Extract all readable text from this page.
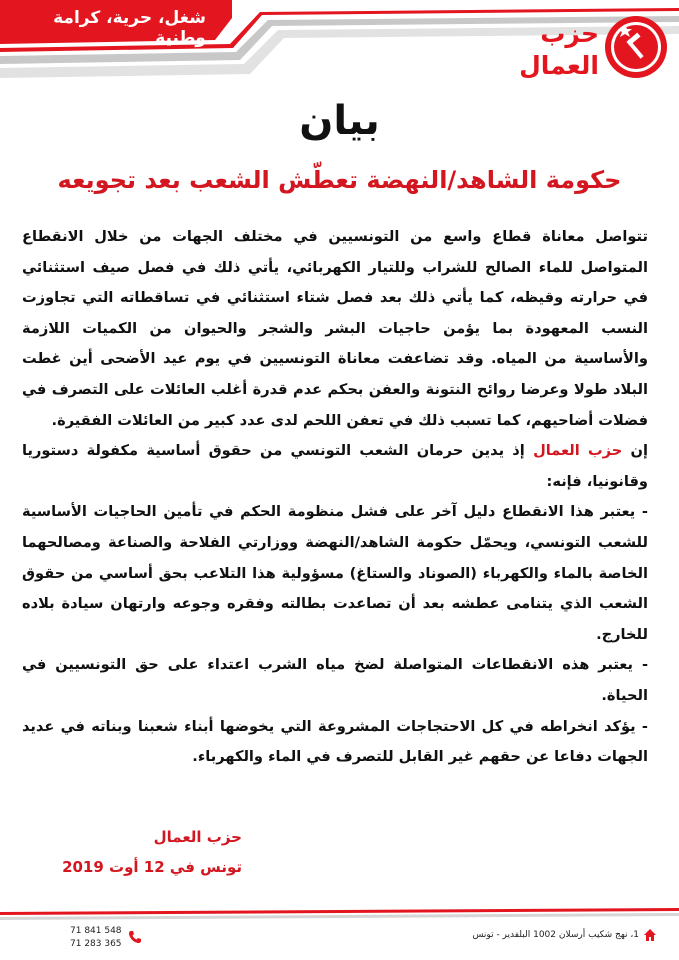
شغل، حرية، كرامة وطنية	حزب
العمال
بيان
حكومة الشاهد/النهضة تعطّش الشعب بعد تجويعه

تتواصل معاناة قطاع واسع من التونسيين في مختلف الجهات من خلال الانقطاع المتواصل للماء الصالح للشراب وللتيار الكهربائي، يأتي ذلك في فصل صيف استثنائي في حرارته وقيظه، كما يأتي ذلك بعد فصل شتاء استثنائي في تساقطاته التي تجاوزت النسب المعهودة بما يؤمن حاجيات البشر والشجر والحيوان من الكميات اللازمة والأساسية من المياه. وقد تضاعفت معاناة التونسيين في يوم عيد الأضحى أين غطت البلاد طولا وعرضا روائح النتونة والعفن بحكم عدم قدرة أغلب العائلات على التصرف في فضلات أضاحيهم، كما تسبب ذلك في تعفن اللحم لدى عدد كبير من العائلات الفقيرة.

إن حزب العمال إذ يدين حرمان الشعب التونسي من حقوق أساسية مكفولة دستوريا وقانونيا، فإنه:

- يعتبر هذا الانقطاع دليل آخر على فشل منظومة الحكم في تأمين الحاجيات الأساسية للشعب التونسي، ويحمّل حكومة الشاهد/النهضة ووزارتي الفلاحة والصناعة ومصالحهما الخاصة بالماء والكهرباء (الصوناد والستاغ) مسؤولية هذا التلاعب بحق أساسي من حقوق الشعب الذي يتنامى عطشه بعد أن تصاعدت بطالته وفقره وجوعه وارتهان سيادة بلاده للخارج.

- يعتبر هذه الانقطاعات المتواصلة لضخ مياه الشرب اعتداء على حق التونسيين في الحياة.

- يؤكد انخراطه في كل الاحتجاجات المشروعة التي يخوضها أبناء شعبنا وبناته في عديد الجهات دفاعا عن حقهم غير القابل للتصرف في الماء والكهرباء.

حزب العمال
تونس في 12 أوت 2019
1، نهج شكيب أرسلان 1002 البلفدير - تونس
71 841 548
71 283 365
